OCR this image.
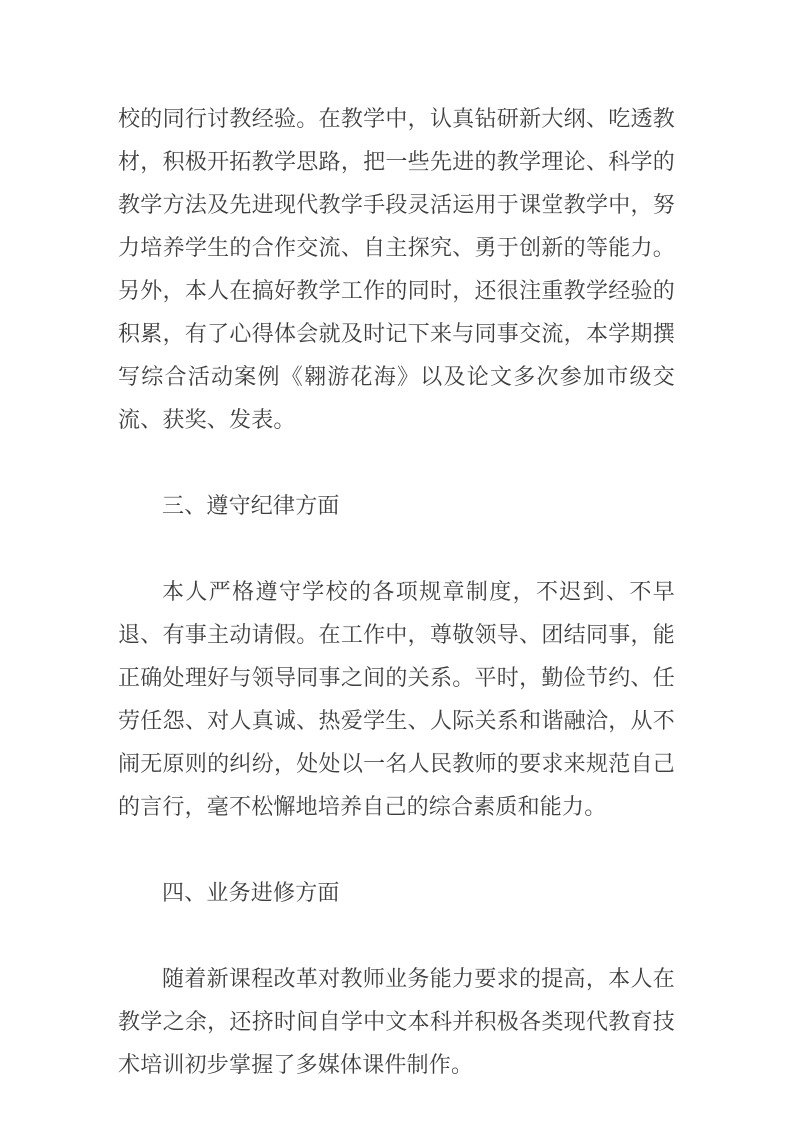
校的同行讨教经验。在教学中，认真钻研新大纲、吃透教材，积极开拓教学思路，把一些先进的教学理论、科学的教学方法及先进现代教学手段灵活运用于课堂教学中，努力培养学生的合作交流、自主探究、勇于创新的等能力。另外，本人在搞好教学工作的同时，还很注重教学经验的积累，有了心得体会就及时记下来与同事交流，本学期撰写综合活动案例《翱游花海》以及论文多次参加市级交流、获奖、发表。

三、遵守纪律方面

本人严格遵守学校的各项规章制度，不迟到、不早退、有事主动请假。在工作中，尊敬领导、团结同事，能正确处理好与领导同事之间的关系。平时，勤俭节约、任劳任怨、对人真诚、热爱学生、人际关系和谐融洽，从不闹无原则的纠纷，处处以一名人民教师的要求来规范自己的言行，毫不松懈地培养自己的综合素质和能力。

四、业务进修方面

随着新课程改革对教师业务能力要求的提高，本人在教学之余，还挤时间自学中文本科并积极各类现代教育技术培训初步掌握了多媒体课件制作。
